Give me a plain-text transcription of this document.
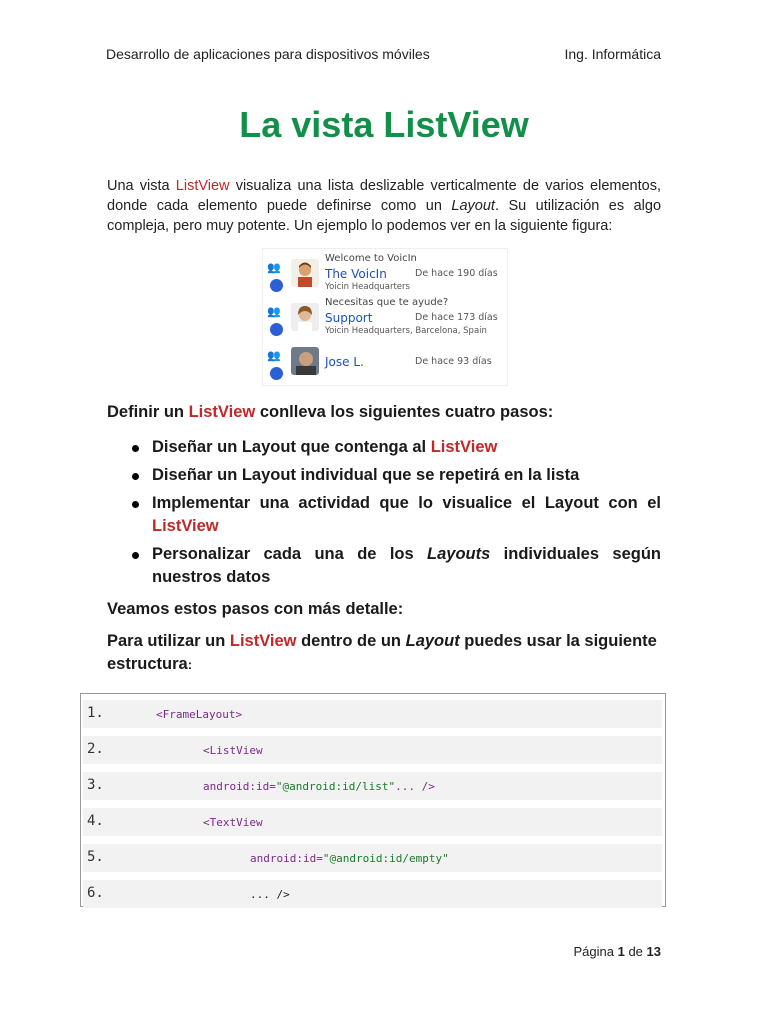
Desarrollo de aplicaciones para dispositivos móviles	Ing. Informática
La vista ListView
Una vista ListView visualiza una lista deslizable verticalmente de varios elementos, donde cada elemento puede definirse como un Layout. Su utilización es algo compleja, pero muy potente. Un ejemplo lo podemos ver en la siguiente figura:
👥
Welcome to VoicIn
The VoicIn	De hace 190 días
Yoicin Headquarters
👥
Necesitas que te ayude?
Support	De hace 173 días
Yoicin Headquarters, Barcelona, Spain
👥	Jose L.	De hace 93 días
Definir un ListView conlleva los siguientes cuatro pasos:
Diseñar un Layout que contenga al ListView
Diseñar un Layout individual que se repetirá en la lista
Implementar una actividad que lo visualice el Layout con el ListView
Personalizar cada una de los Layouts individuales según nuestros datos
Veamos estos pasos con más detalle:
Para utilizar un ListView dentro de un Layout puedes usar la siguiente estructura:
1.	<FrameLayout>
2.	<ListView
3.	android:id="@android:id/list"... />
4.	<TextView
5.	android:id="@android:id/empty"
6.	... />
Página 1 de 13
